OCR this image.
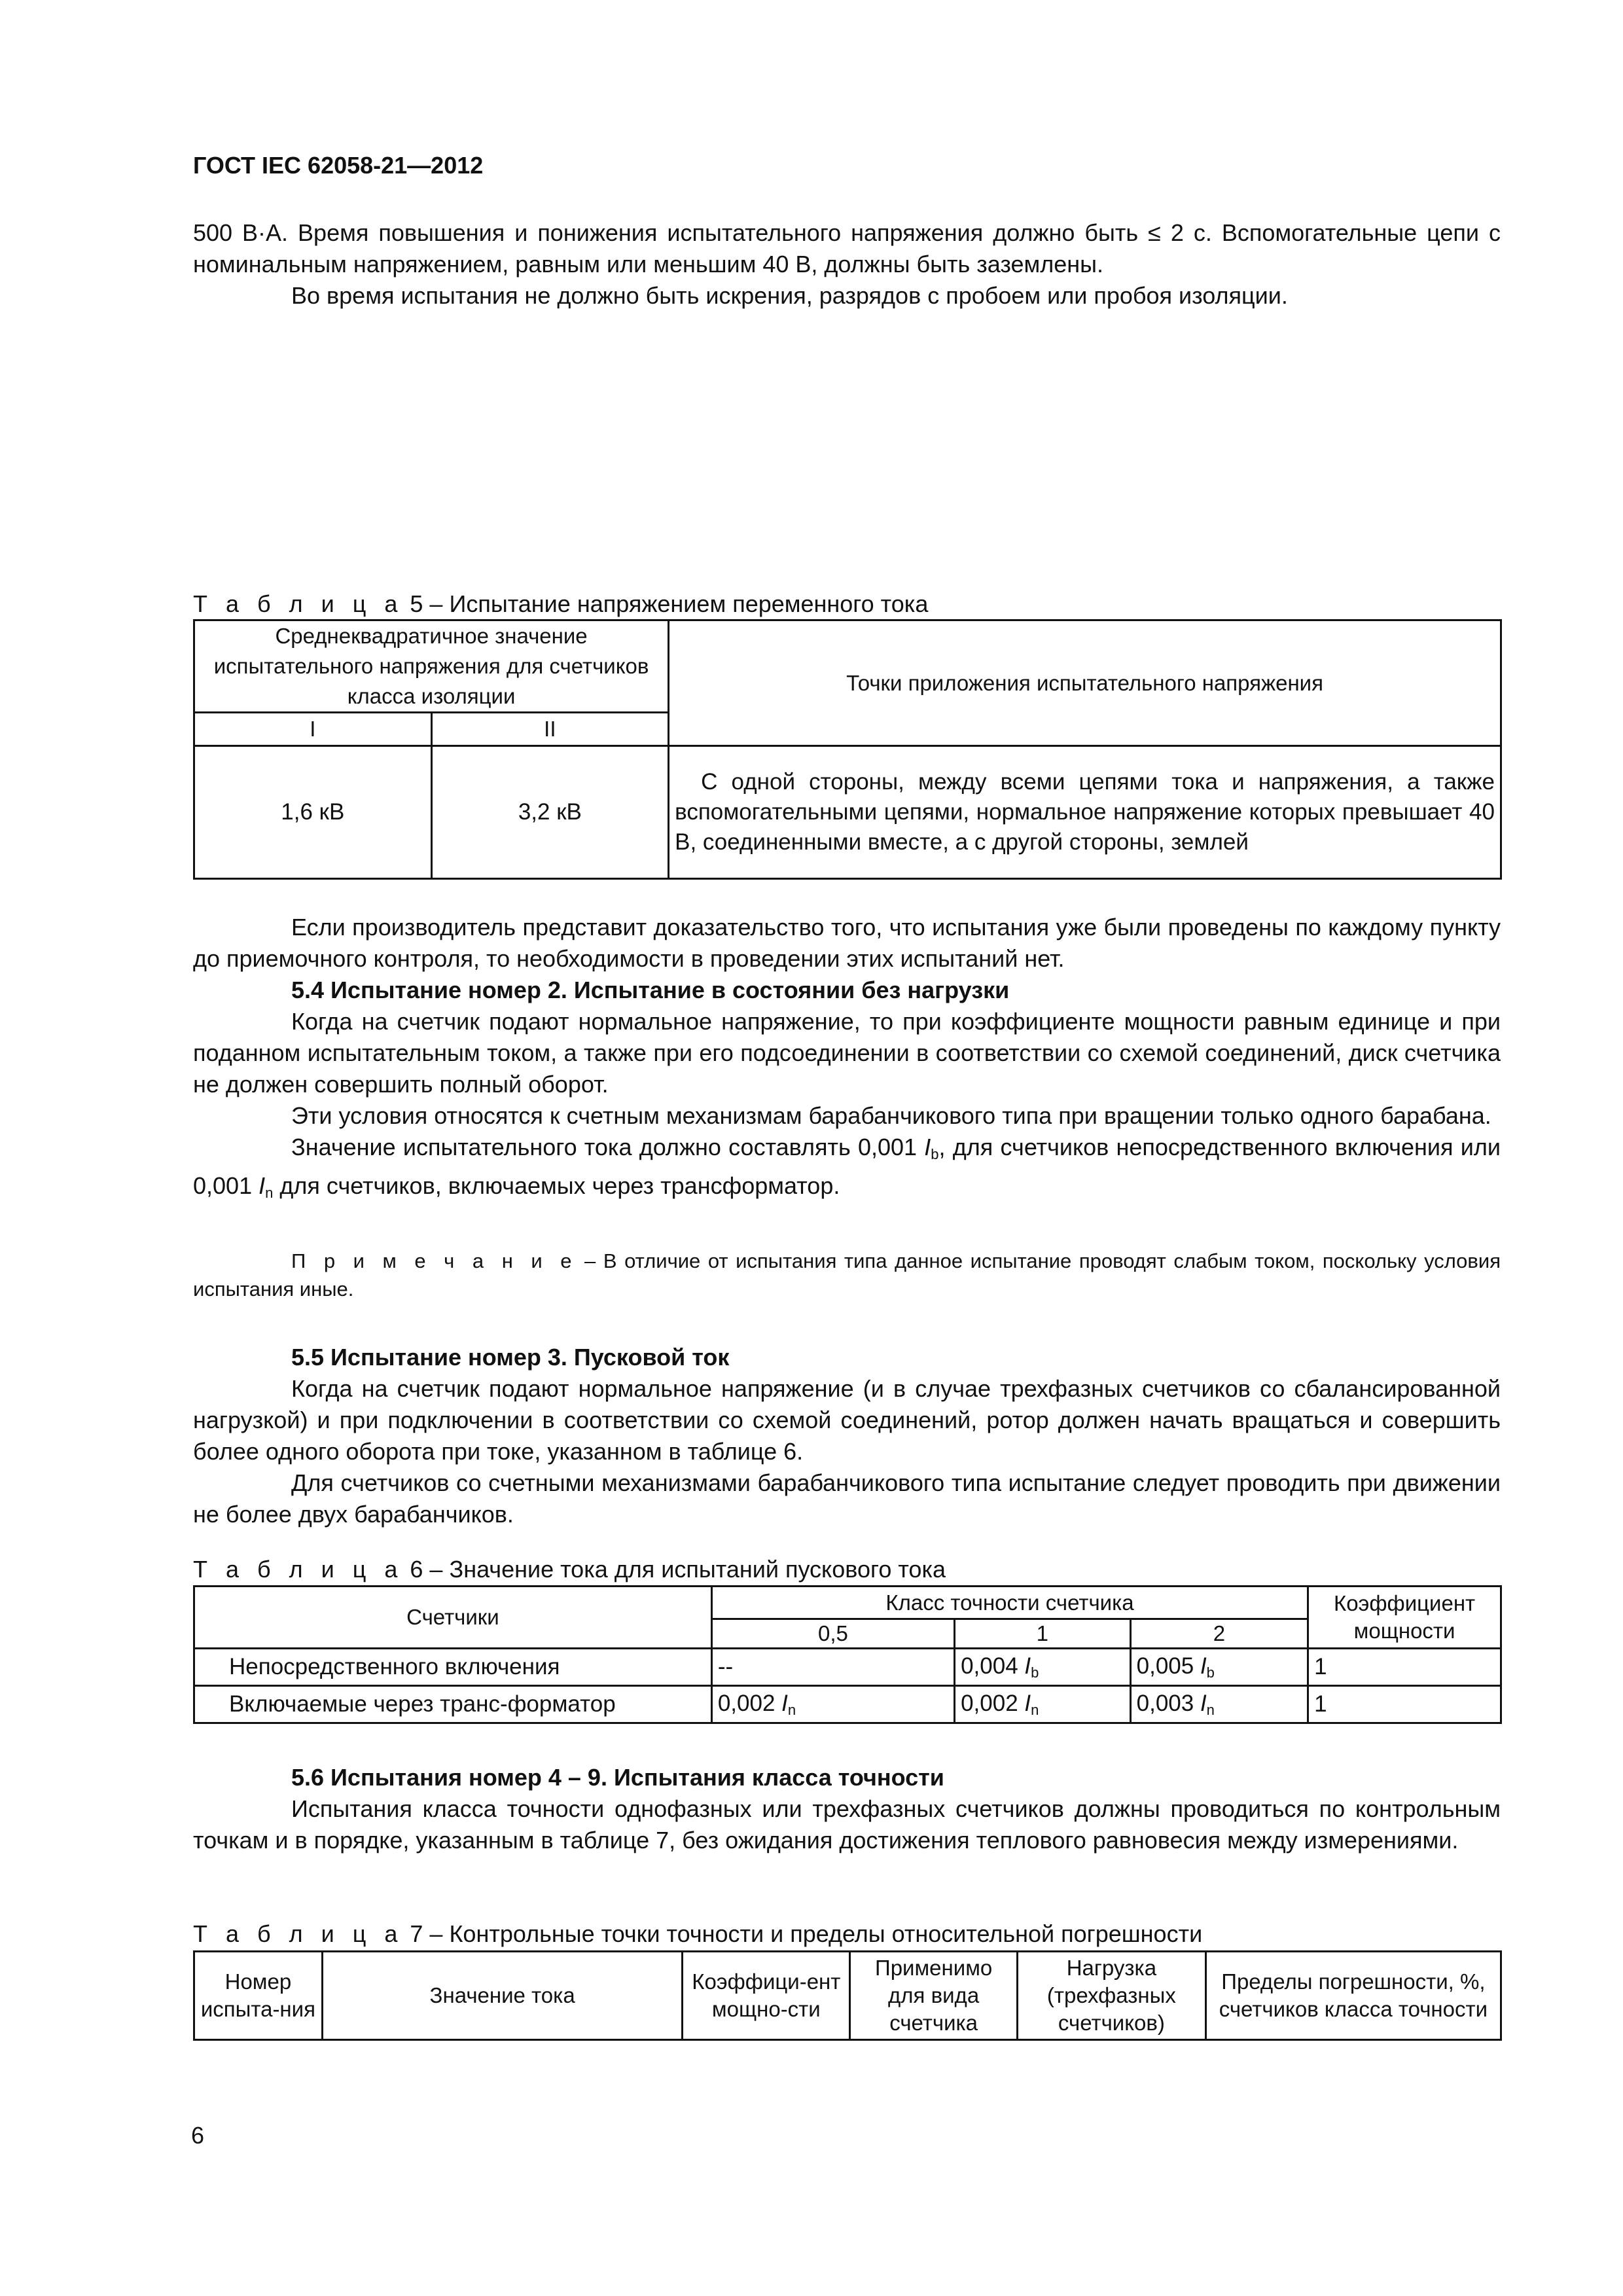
ГОСТ IEC 62058-21—2012

500 В·А. Время повышения и понижения испытательного напряжения должно быть ≤ 2 с. Вспомогательные цепи с номинальным напряжением, равным или меньшим 40 В, должны быть заземлены.

Во время испытания не должно быть искрения, разрядов с пробоем или пробоя изоляции.

Т а б л и ц а 5 – Испытание напряжением переменного тока

Среднеквадратичное значение испытательного напряжения для счетчиков класса изоляции		Точки приложения испытательного напряжения
I	II	
1,6 кВ	3,2 кВ	С одной стороны, между всеми цепями тока и напряжения, а также вспомогательными цепями, нормальное напряжение которых превышает 40 В, соединенными вместе, а с другой стороны, землей

Если производитель представит доказательство того, что испытания уже были проведены по каждому пункту до приемочного контроля, то необходимости в проведении этих испытаний нет.

5.4 Испытание номер 2. Испытание в состоянии без нагрузки

Когда на счетчик подают нормальное напряжение, то при коэффициенте мощности равным единице и при поданном испытательным током, а также при его подсоединении в соответствии со схемой соединений, диск счетчика не должен совершить полный оборот.

Эти условия относятся к счетным механизмам барабанчикового типа при вращении только одного барабана.

Значение испытательного тока должно составлять 0,001 $I_b$, для счетчиков непосредственного включения или 0,001 $I_n$ для счетчиков, включаемых через трансформатор.

П р и м е ч а н и е – В отличие от испытания типа данное испытание проводят слабым током, поскольку условия испытания иные.

5.5 Испытание номер 3. Пусковой ток

Когда на счетчик подают нормальное напряжение (и в случае трехфазных счетчиков со сбалансированной нагрузкой) и при подключении в соответствии со схемой соединений, ротор должен начать вращаться и совершить более одного оборота при токе, указанном в таблице 6.

Для счетчиков со счетными механизмами барабанчикового типа испытание следует проводить при движении не более двух барабанчиков.

Т а б л и ц а 6 – Значение тока для испытаний пускового тока

Счетчики	Класс точности счетчика			Коэффициент мощности
	0,5	1	2	
Непосредственного включения	--	0,004 $I_b$	0,005 $I_b$	1
Включаемые через транс-форматор	0,002 $I_n$	0,002 $I_n$	0,003 $I_n$	1

5.6 Испытания номер 4 – 9. Испытания класса точности

Испытания класса точности однофазных или трехфазных счетчиков должны проводиться по контрольным точкам и в порядке, указанным в таблице 7, без ожидания достижения теплового равновесия между измерениями.

Т а б л и ц а 7 – Контрольные точки точности и пределы относительной погрешности

Номер испыта-ния	Значение тока	Коэффици-ент мощно-сти	Применимо для вида счетчика	Нагрузка (трехфазных счетчиков)	Пределы погрешности, %, счетчиков класса точности
6
